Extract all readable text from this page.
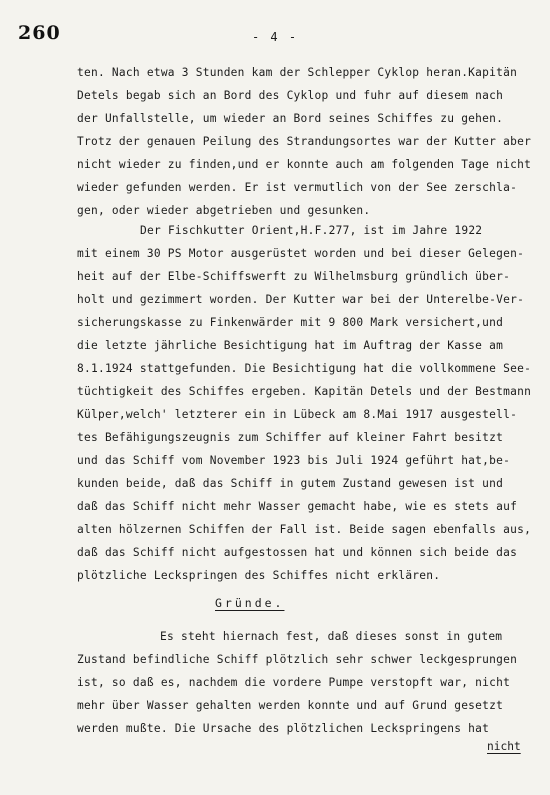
260	- 4 -
ten. Nach etwa 3 Stunden kam der Schlepper Cyklop heran.Kapitän
Detels begab sich an Bord des Cyklop und fuhr auf diesem nach
der Unfallstelle, um wieder an Bord seines Schiffes zu gehen.
Trotz der genauen Peilung des Strandungsortes war der Kutter aber
nicht wieder zu finden,und er konnte auch am folgenden Tage nicht
wieder gefunden werden. Er ist vermutlich von der See zerschla-
gen, oder wieder abgetrieben und gesunken.
Der Fischkutter Orient,H.F.277, ist im Jahre 1922
mit einem 30 PS Motor ausgerüstet worden und bei dieser Gelegen-
heit auf der Elbe-Schiffswerft zu Wilhelmsburg gründlich über-
holt und gezimmert worden. Der Kutter war bei der Unterelbe-Ver-
sicherungskasse zu Finkenwärder mit 9 800 Mark versichert,und
die letzte jährliche Besichtigung hat im Auftrag der Kasse am
8.1.1924 stattgefunden. Die Besichtigung hat die vollkommene See-
tüchtigkeit des Schiffes ergeben. Kapitän Detels und der Bestmann
Külper,welch' letzterer ein in Lübeck am 8.Mai 1917 ausgestell-
tes Befähigungszeugnis zum Schiffer auf kleiner Fahrt besitzt
und das Schiff vom November 1923 bis Juli 1924 geführt hat,be-
kunden beide, daß das Schiff in gutem Zustand gewesen ist und
daß das Schiff nicht mehr Wasser gemacht habe, wie es stets auf
alten hölzernen Schiffen der Fall ist. Beide sagen ebenfalls aus,
daß das Schiff nicht aufgestossen hat und können sich beide das
plötzliche Leckspringen des Schiffes nicht erklären.
Gründe.
Es steht hiernach fest, daß dieses sonst in gutem
Zustand befindliche Schiff plötzlich sehr schwer leckgesprungen
ist, so daß es, nachdem die vordere Pumpe verstopft war, nicht
mehr über Wasser gehalten werden konnte und auf Grund gesetzt
werden mußte. Die Ursache des plötzlichen Leckspringens hat
nicht
